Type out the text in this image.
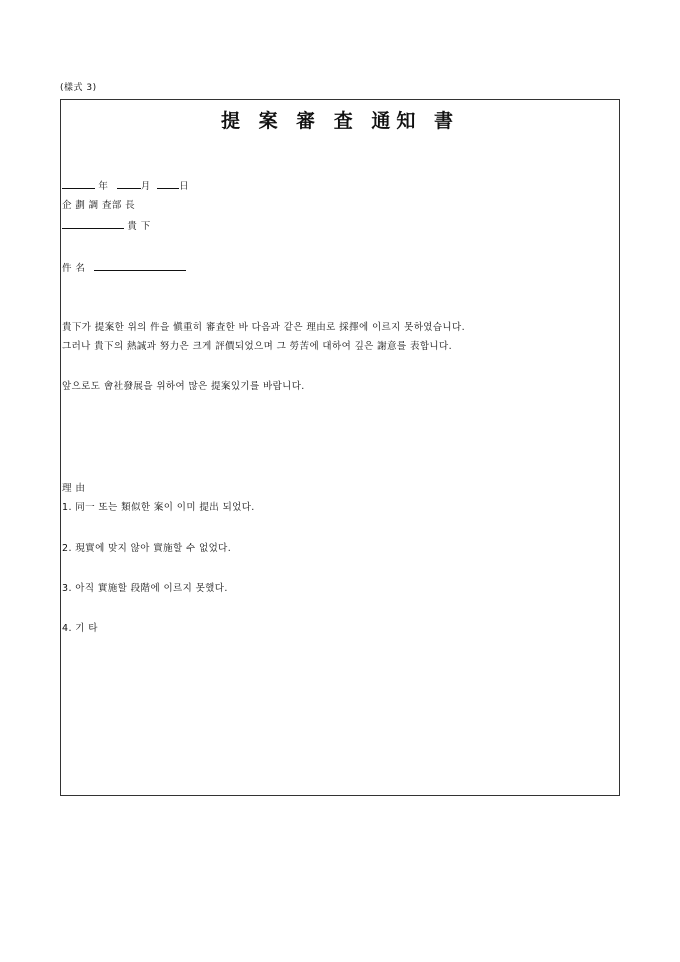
(樣式 3)
提 案 審 査 通知 書
年	月	日
企 劃 調 査部 長
貴 下
件 名
貴下가 提案한 위의 件을 愼重히 審査한 바 다음과 같은 理由로 採擇에 이르지 못하였습니다.
그러나 貴下의 熱誠과 努力은 크게 評價되었으며 그 勞苦에 대하여 깊은 謝意를 表합니다.
앞으로도 會社發展을 위하여 많은 提案있기를 바랍니다.
理 由
1. 同一 또는 類似한 案이 이미 提出 되었다.
2. 現實에 맞지 않아 實施할 수 없었다.
3. 아직 實施할 段階에 이르지 못했다.
4. 기 타
